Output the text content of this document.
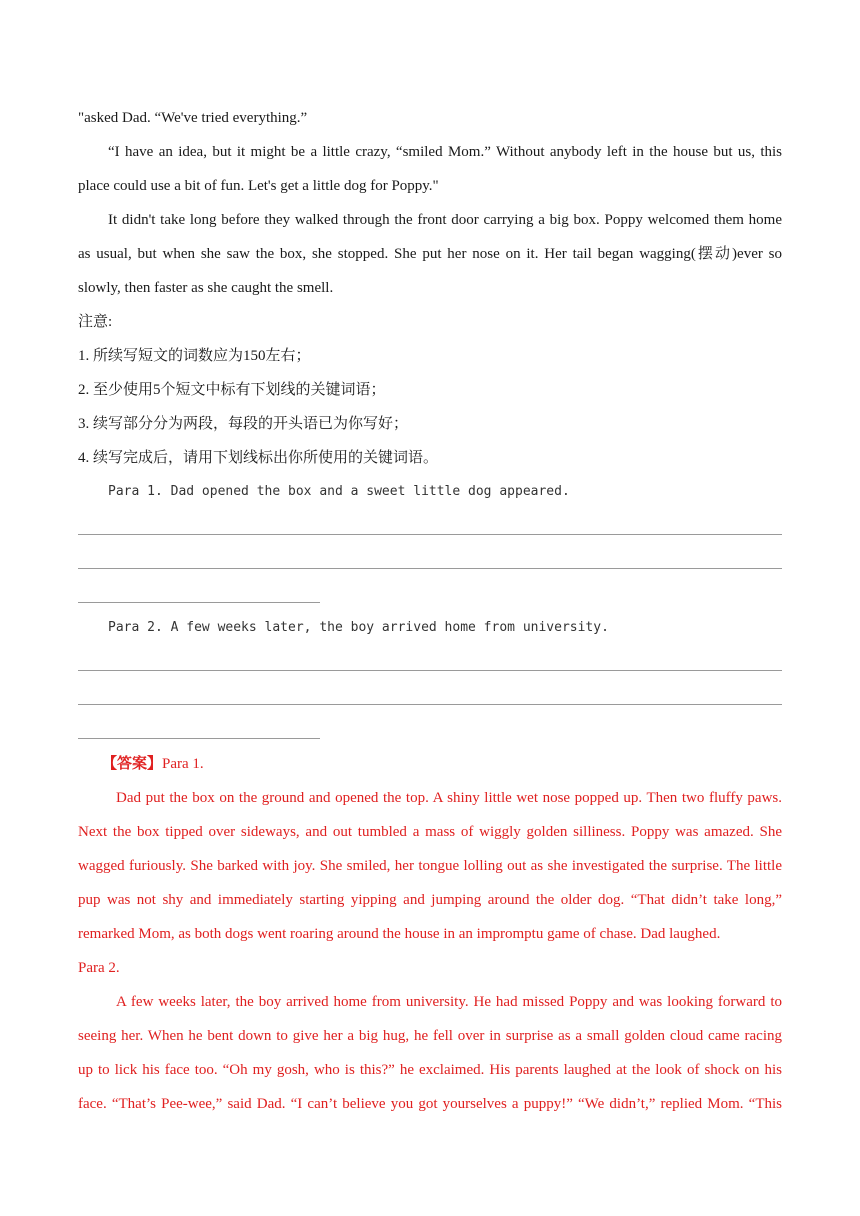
"asked Dad. “We've tried everything.”
“I have an idea, but it might be a little crazy, “smiled Mom.” Without anybody left in the house but us, this
place could use a bit of fun. Let's get a little dog for Poppy."
It didn't take long before they walked through the front door carrying a big box. Poppy welcomed them home
as usual, but when she saw the box, she stopped. She put her nose on it. Her tail began wagging(摆动)ever so
slowly, then faster as she caught the smell.
注意:
1. 所续写短文的词数应为150左右；
2. 至少使用5个短文中标有下划线的关键词语；
3. 续写部分分为两段，每段的开头语已为你写好；
4. 续写完成后，请用下划线标出你所使用的关键词语。
Para 1. Dad opened the box and a sweet little dog appeared.
Para 2. A few weeks later, the boy arrived home from university.
【答案】Para 1.
Dad put the box on the ground and opened the top. A shiny little wet nose popped up. Then two fluffy paws.
Next the box tipped over sideways, and out tumbled a mass of wiggly golden silliness. Poppy was amazed. She
wagged furiously. She barked with joy. She smiled, her tongue lolling out as she investigated the surprise. The little
pup was not shy and immediately starting yipping and jumping around the older dog. “That didn’t take long,”
remarked Mom, as both dogs went roaring around the house in an impromptu game of chase. Dad laughed.
Para 2.
A few weeks later, the boy arrived home from university. He had missed Poppy and was looking forward to
seeing her. When he bent down to give her a big hug, he fell over in surprise as a small golden cloud came racing
up to lick his face too. “Oh my gosh, who is this?” he exclaimed. His parents laughed at the look of shock on his
face. “That’s Pee-wee,” said Dad. “I can’t believe you got yourselves a puppy!” “We didn’t,” replied Mom. “This
